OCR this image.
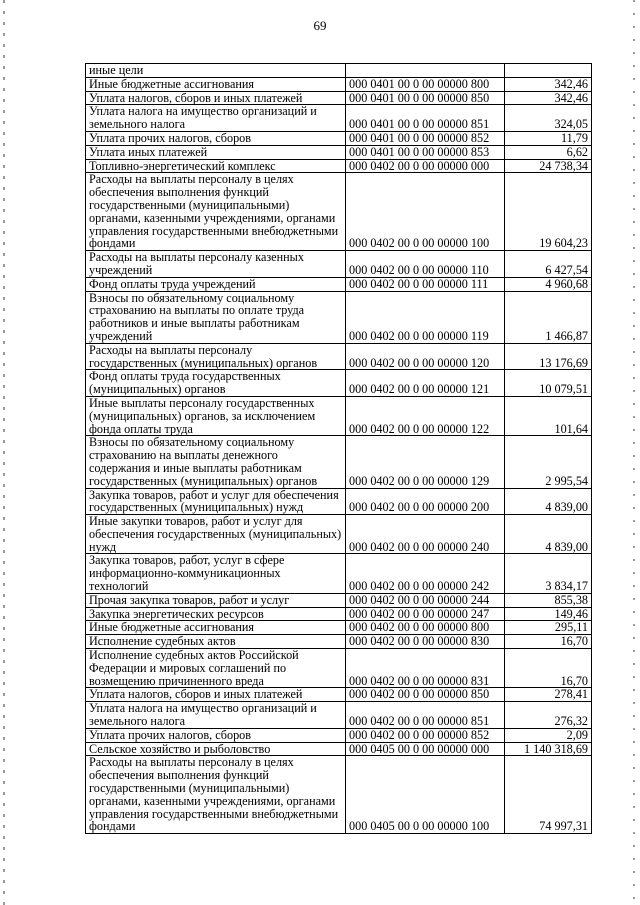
69
иные цели		
Иные бюджетные ассигнования	000 0401 00 0 00 00000 800	342,46
Уплата налогов, сборов и иных платежей	000 0401 00 0 00 00000 850	342,46
Уплата налога на имущество организаций и земельного налога	000 0401 00 0 00 00000 851	324,05
Уплата прочих налогов, сборов	000 0401 00 0 00 00000 852	11,79
Уплата иных платежей	000 0401 00 0 00 00000 853	6,62
Топливно-энергетический комплекс	000 0402 00 0 00 00000 000	24 738,34
Расходы на выплаты персоналу в целях обеспечения выполнения функций государственными (муниципальными) органами, казенными учреждениями, органами управления государственными внебюджетными фондами	000 0402 00 0 00 00000 100	19 604,23
Расходы на выплаты персоналу казенных учреждений	000 0402 00 0 00 00000 110	6 427,54
Фонд оплаты труда учреждений	000 0402 00 0 00 00000 111	4 960,68
Взносы по обязательному социальному страхованию на выплаты по оплате труда работников и иные выплаты работникам учреждений	000 0402 00 0 00 00000 119	1 466,87
Расходы на выплаты персоналу государственных (муниципальных) органов	000 0402 00 0 00 00000 120	13 176,69
Фонд оплаты труда государственных (муниципальных) органов	000 0402 00 0 00 00000 121	10 079,51
Иные выплаты персоналу государственных (муниципальных) органов, за исключением фонда оплаты труда	000 0402 00 0 00 00000 122	101,64
Взносы по обязательному социальному страхованию на выплаты денежного содержания и иные выплаты работникам государственных (муниципальных) органов	000 0402 00 0 00 00000 129	2 995,54
Закупка товаров, работ и услуг для обеспечения государственных (муниципальных) нужд	000 0402 00 0 00 00000 200	4 839,00
Иные закупки товаров, работ и услуг для обеспечения государственных (муниципальных) нужд	000 0402 00 0 00 00000 240	4 839,00
Закупка товаров, работ, услуг в сфере информационно-коммуникационных технологий	000 0402 00 0 00 00000 242	3 834,17
Прочая закупка товаров, работ и услуг	000 0402 00 0 00 00000 244	855,38
Закупка энергетических ресурсов	000 0402 00 0 00 00000 247	149,46
Иные бюджетные ассигнования	000 0402 00 0 00 00000 800	295,11
Исполнение судебных актов	000 0402 00 0 00 00000 830	16,70
Исполнение судебных актов Российской Федерации и мировых соглашений по возмещению причиненного вреда	000 0402 00 0 00 00000 831	16,70
Уплата налогов, сборов и иных платежей	000 0402 00 0 00 00000 850	278,41
Уплата налога на имущество организаций и земельного налога	000 0402 00 0 00 00000 851	276,32
Уплата прочих налогов, сборов	000 0402 00 0 00 00000 852	2,09
Сельское хозяйство и рыболовство	000 0405 00 0 00 00000 000	1 140 318,69
Расходы на выплаты персоналу в целях обеспечения выполнения функций государственными (муниципальными) органами, казенными учреждениями, органами управления государственными внебюджетными фондами	000 0405 00 0 00 00000 100	74 997,31
